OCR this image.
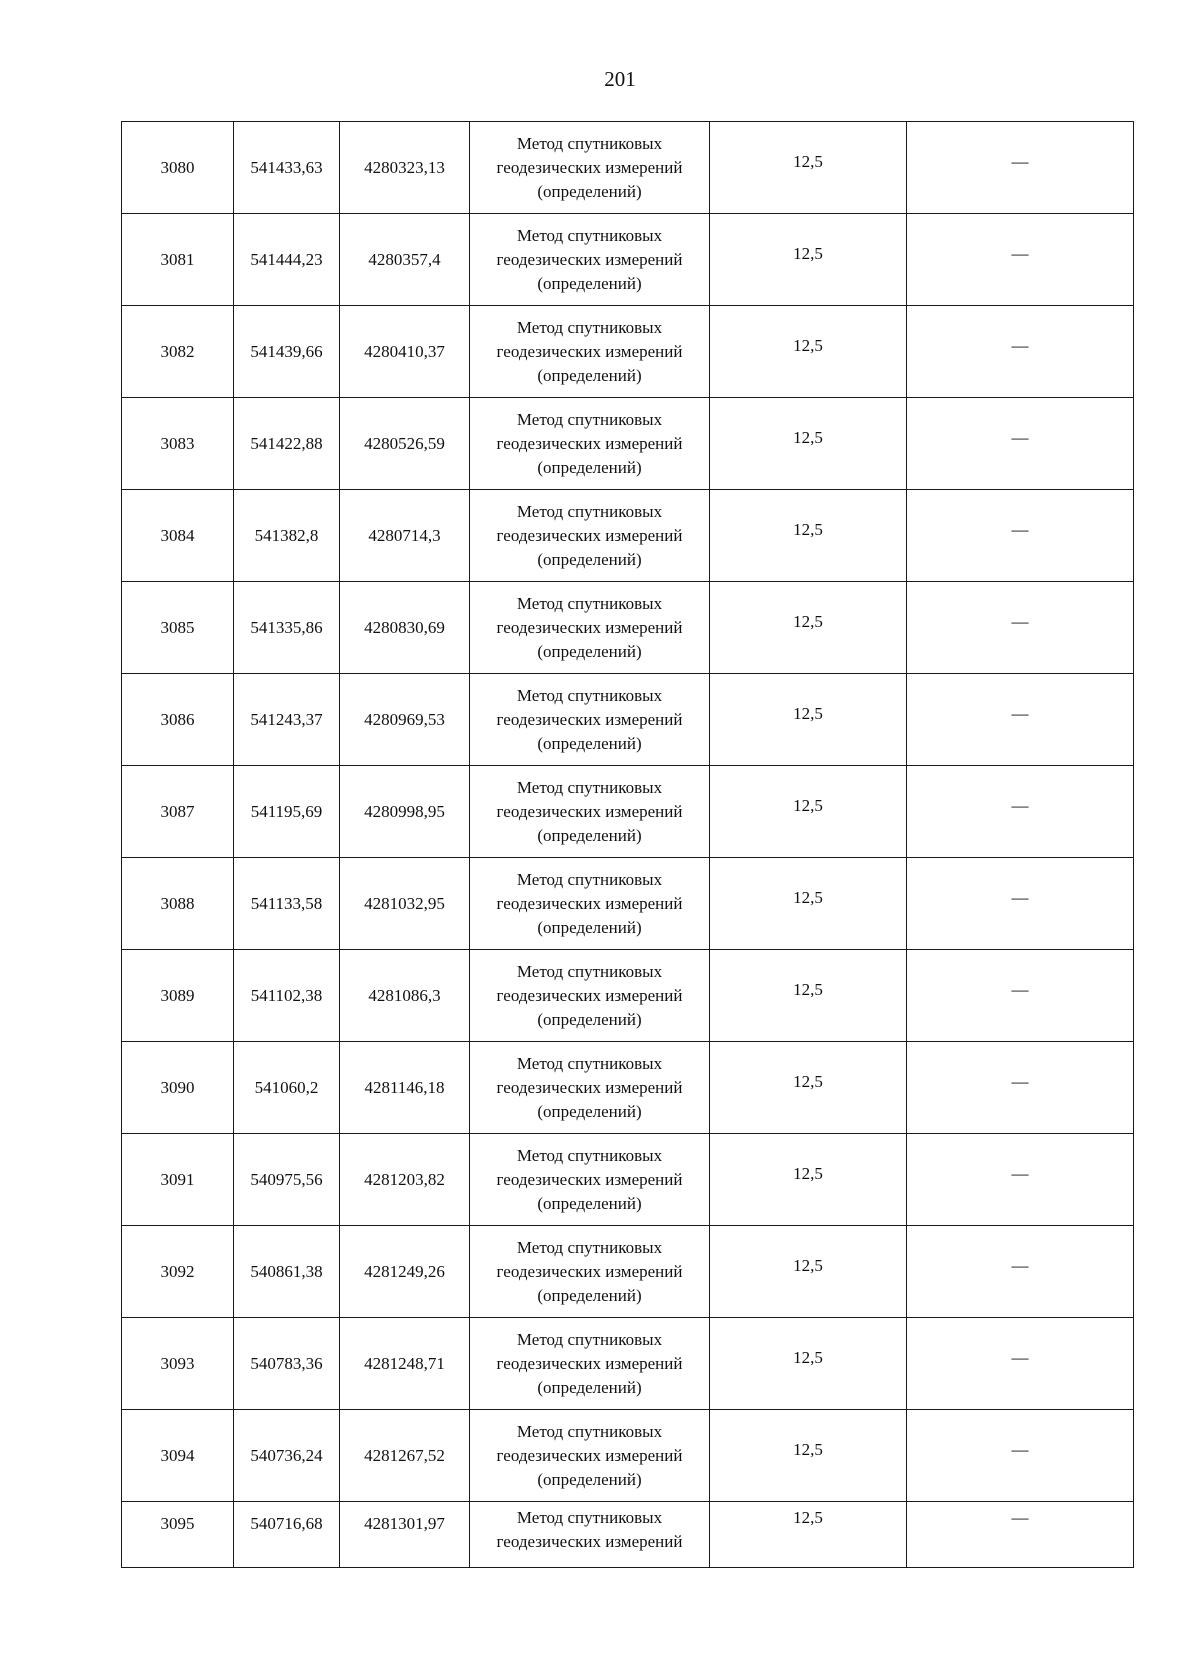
201
3080	541433,63	4280323,13	Метод спутниковых
геодезических измерений
(определений)	12,5	—
3081	541444,23	4280357,4	Метод спутниковых
геодезических измерений
(определений)	12,5	—
3082	541439,66	4280410,37	Метод спутниковых
геодезических измерений
(определений)	12,5	—
3083	541422,88	4280526,59	Метод спутниковых
геодезических измерений
(определений)	12,5	—
3084	541382,8	4280714,3	Метод спутниковых
геодезических измерений
(определений)	12,5	—
3085	541335,86	4280830,69	Метод спутниковых
геодезических измерений
(определений)	12,5	—
3086	541243,37	4280969,53	Метод спутниковых
геодезических измерений
(определений)	12,5	—
3087	541195,69	4280998,95	Метод спутниковых
геодезических измерений
(определений)	12,5	—
3088	541133,58	4281032,95	Метод спутниковых
геодезических измерений
(определений)	12,5	—
3089	541102,38	4281086,3	Метод спутниковых
геодезических измерений
(определений)	12,5	—
3090	541060,2	4281146,18	Метод спутниковых
геодезических измерений
(определений)	12,5	—
3091	540975,56	4281203,82	Метод спутниковых
геодезических измерений
(определений)	12,5	—
3092	540861,38	4281249,26	Метод спутниковых
геодезических измерений
(определений)	12,5	—
3093	540783,36	4281248,71	Метод спутниковых
геодезических измерений
(определений)	12,5	—
3094	540736,24	4281267,52	Метод спутниковых
геодезических измерений
(определений)	12,5	—
3095	540716,68	4281301,97	Метод спутниковых
геодезических измерений	12,5	—
